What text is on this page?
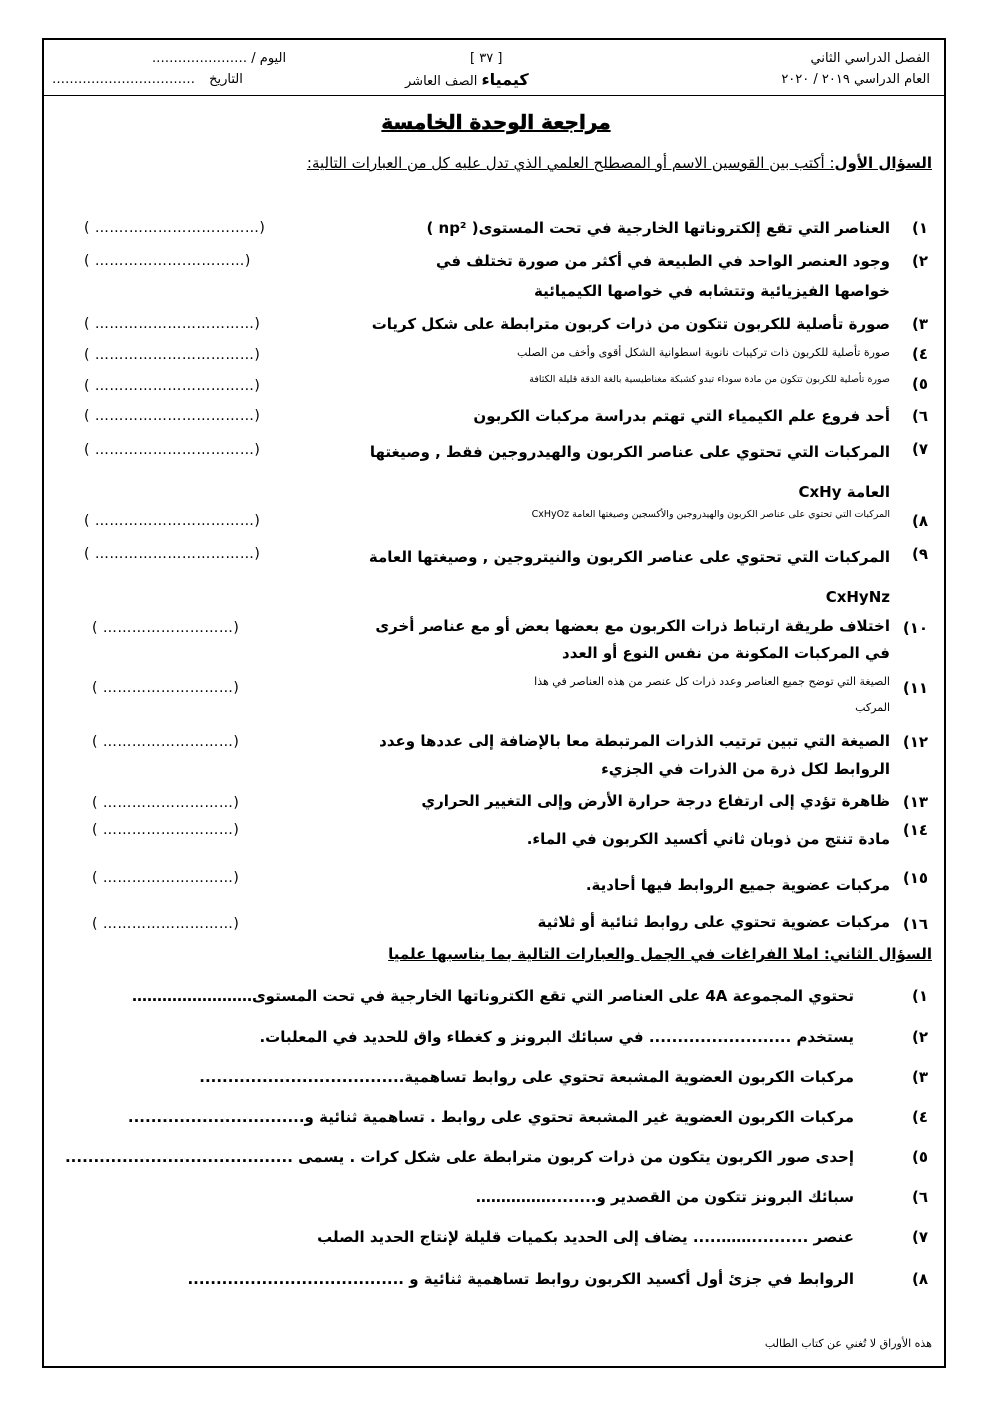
الفصل الدراسي الثاني
العام الدراسي ٢٠١٩ / ٢٠٢٠
[ ٣٧ ]
كيمياء الصف العاشر
اليوم / ………………….
التاريخ ……………………………
مراجعة الوحدة الخامسة
السؤال الأول: أكتب بين القوسين الاسم أو المصطلح العلمي الذي تدل عليه كل من العبارات التالية:
١)
العناصر التي تقع إلكتروناتها الخارجية في تحت المستوى( np² )
( …….………………………)
٢)
وجود العنصر الواحد في الطبيعة في أكثر من صورة تختلف في
خواصها الفيزيائية وتتشابه في خواصها الكيميائية
( ……………….…………)
٣)
صورة تأصلية للكربون تتكون من ذرات كربون مترابطة على شكل كريات
( ……………………………)
٤)
صورة تأصلية للكربون ذات تركيبات نانوية اسطوانية الشكل أقوى وأخف من الصلب
( ……………………………)
٥)
صورة تأصلية للكربون تتكون من مادة سوداء تبدو كشبكة مغناطيسية بالغة الدقة قليلة الكثافة
( ……………………………)
٦)
أحد فروع علم الكيمياء التي تهتم بدراسة مركبات الكربون
( ……………………………)
٧)
المركبات التي تحتوي على عناصر الكربون والهيدروجين فقط , وصيغتها
العامة CxHy
( ……………………………)
٨)
المركبات التي تحتوي على عناصر الكربون والهيدروجين والأكسجين وصيغتها العامة CxHyOz
( ……………………………)
٩)
المركبات التي تحتوي على عناصر الكربون والنيتروجين , وصيغتها العامة
CxHyNz
( ……………………………)
١٠)
اختلاف طريقة ارتباط ذرات الكربون مع بعضها بعض أو مع عناصر أخرى
في المركبات المكونة من نفس النوع أو العدد
( ………………………)
١١)
الصيغة التي توضح جميع العناصر وعدد ذرات كل عنصر من هذه العناصر في هذا
المركب
( ………………………)
١٢)
الصيغة التي تبين ترتيب الذرات المرتبطة معا بالإضافة إلى عددها وعدد
الروابط لكل ذرة من الذرات في الجزيء
( ………………………)
١٣)
ظاهرة تؤدي إلى ارتفاع درجة حرارة الأرض وإلى التغيير الحراري
( ………………………)
١٤)
مادة تنتج من ذوبان ثاني أكسيد الكربون في الماء.
( ………………………)
١٥)
مركبات عضوية جميع الروابط فيها أحادية.
( ………………………)
١٦)
مركبات عضوية تحتوي على روابط ثنائية أو ثلاثية
( ………………………)
السؤال الثاني: املا الفراغات في الجمل والعبارات التالية بما يناسبها علميا
١)تحتوي المجموعة 4A على العناصر التي تقع الكتروناتها الخارجية في تحت المستوى……………………
٢)يستخدم ......................... في سبائك البرونز و كغطاء واق للحديد في المعلبات.
٣)مركبات الكربون العضوية المشبعة تحتوي على روابط تساهمية....................................
٤)مركبات الكربون العضوية غير المشبعة تحتوي على روابط . تساهمية ثنائية و...............................
٥)إحدى صور الكربون يتكون من ذرات كربون مترابطة على شكل كرات . يسمى ........................................
٦)سبائك البرونز تتكون من القصدير و........……………
٧)عنصر ..........……..... يضاف إلى الحديد بكميات قليلة لإنتاج الحديد الصلب
٨)الروابط في جزئ أول أكسيد الكربون روابط تساهمية ثنائية و ......................................
هذه الأوراق لا تُغني عن كتاب الطالب
